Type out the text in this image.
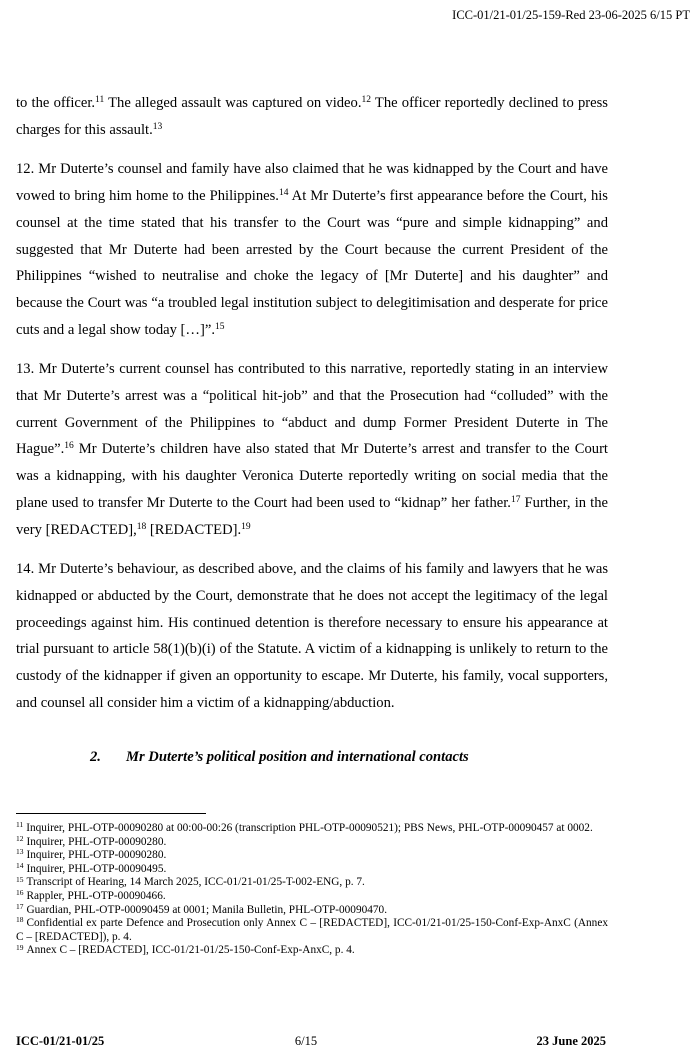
ICC-01/21-01/25-159-Red 23-06-2025 6/15 PT

to the officer.$^{11}$ The alleged assault was captured on video.$^{12}$ The officer reportedly declined to press charges for this assault.$^{13}$

12. Mr Duterte’s counsel and family have also claimed that he was kidnapped by the Court and have vowed to bring him home to the Philippines.$^{14}$ At Mr Duterte’s first appearance before the Court, his counsel at the time stated that his transfer to the Court was “pure and simple kidnapping” and suggested that Mr Duterte had been arrested by the Court because the current President of the Philippines “wished to neutralise and choke the legacy of [Mr Duterte] and his daughter” and because the Court was “a troubled legal institution subject to delegitimisation and desperate for price cuts and a legal show today […]”.$^{15}$

13. Mr Duterte’s current counsel has contributed to this narrative, reportedly stating in an interview that Mr Duterte’s arrest was a “political hit-job” and that the Prosecution had “colluded” with the current Government of the Philippines to “abduct and dump Former President Duterte in The Hague”.$^{16}$ Mr Duterte’s children have also stated that Mr Duterte’s arrest and transfer to the Court was a kidnapping, with his daughter Veronica Duterte reportedly writing on social media that the plane used to transfer Mr Duterte to the Court had been used to “kidnap” her father.$^{17}$ Further, in the very [REDACTED],$^{18}$ [REDACTED].$^{19}$

14. Mr Duterte’s behaviour, as described above, and the claims of his family and lawyers that he was kidnapped or abducted by the Court, demonstrate that he does not accept the legitimacy of the legal proceedings against him. His continued detention is therefore necessary to ensure his appearance at trial pursuant to article 58(1)(b)(i) of the Statute. A victim of a kidnapping is unlikely to return to the custody of the kidnapper if given an opportunity to escape. Mr Duterte, his family, vocal supporters, and counsel all consider him a victim of a kidnapping/abduction.

2. Mr Duterte’s political position and international contacts
$^{11}$ Inquirer, PHL-OTP-00090280 at 00:00-00:26 (transcription PHL-OTP-00090521); PBS News, PHL-OTP-00090457 at 0002.
$^{12}$ Inquirer, PHL-OTP-00090280.
$^{13}$ Inquirer, PHL-OTP-00090280.
$^{14}$ Inquirer, PHL-OTP-00090495.
$^{15}$ Transcript of Hearing, 14 March 2025, ICC-01/21-01/25-T-002-ENG, p. 7.
$^{16}$ Rappler, PHL-OTP-00090466.
$^{17}$ Guardian, PHL-OTP-00090459 at 0001; Manila Bulletin, PHL-OTP-00090470.
$^{18}$ Confidential ex parte Defence and Prosecution only Annex C – [REDACTED], ICC-01/21-01/25-150-Conf-Exp-AnxC (Annex C – [REDACTED]), p. 4.
$^{19}$ Annex C – [REDACTED], ICC-01/21-01/25-150-Conf-Exp-AnxC, p. 4.
ICC-01/21-01/25	6/15	23 June 2025
